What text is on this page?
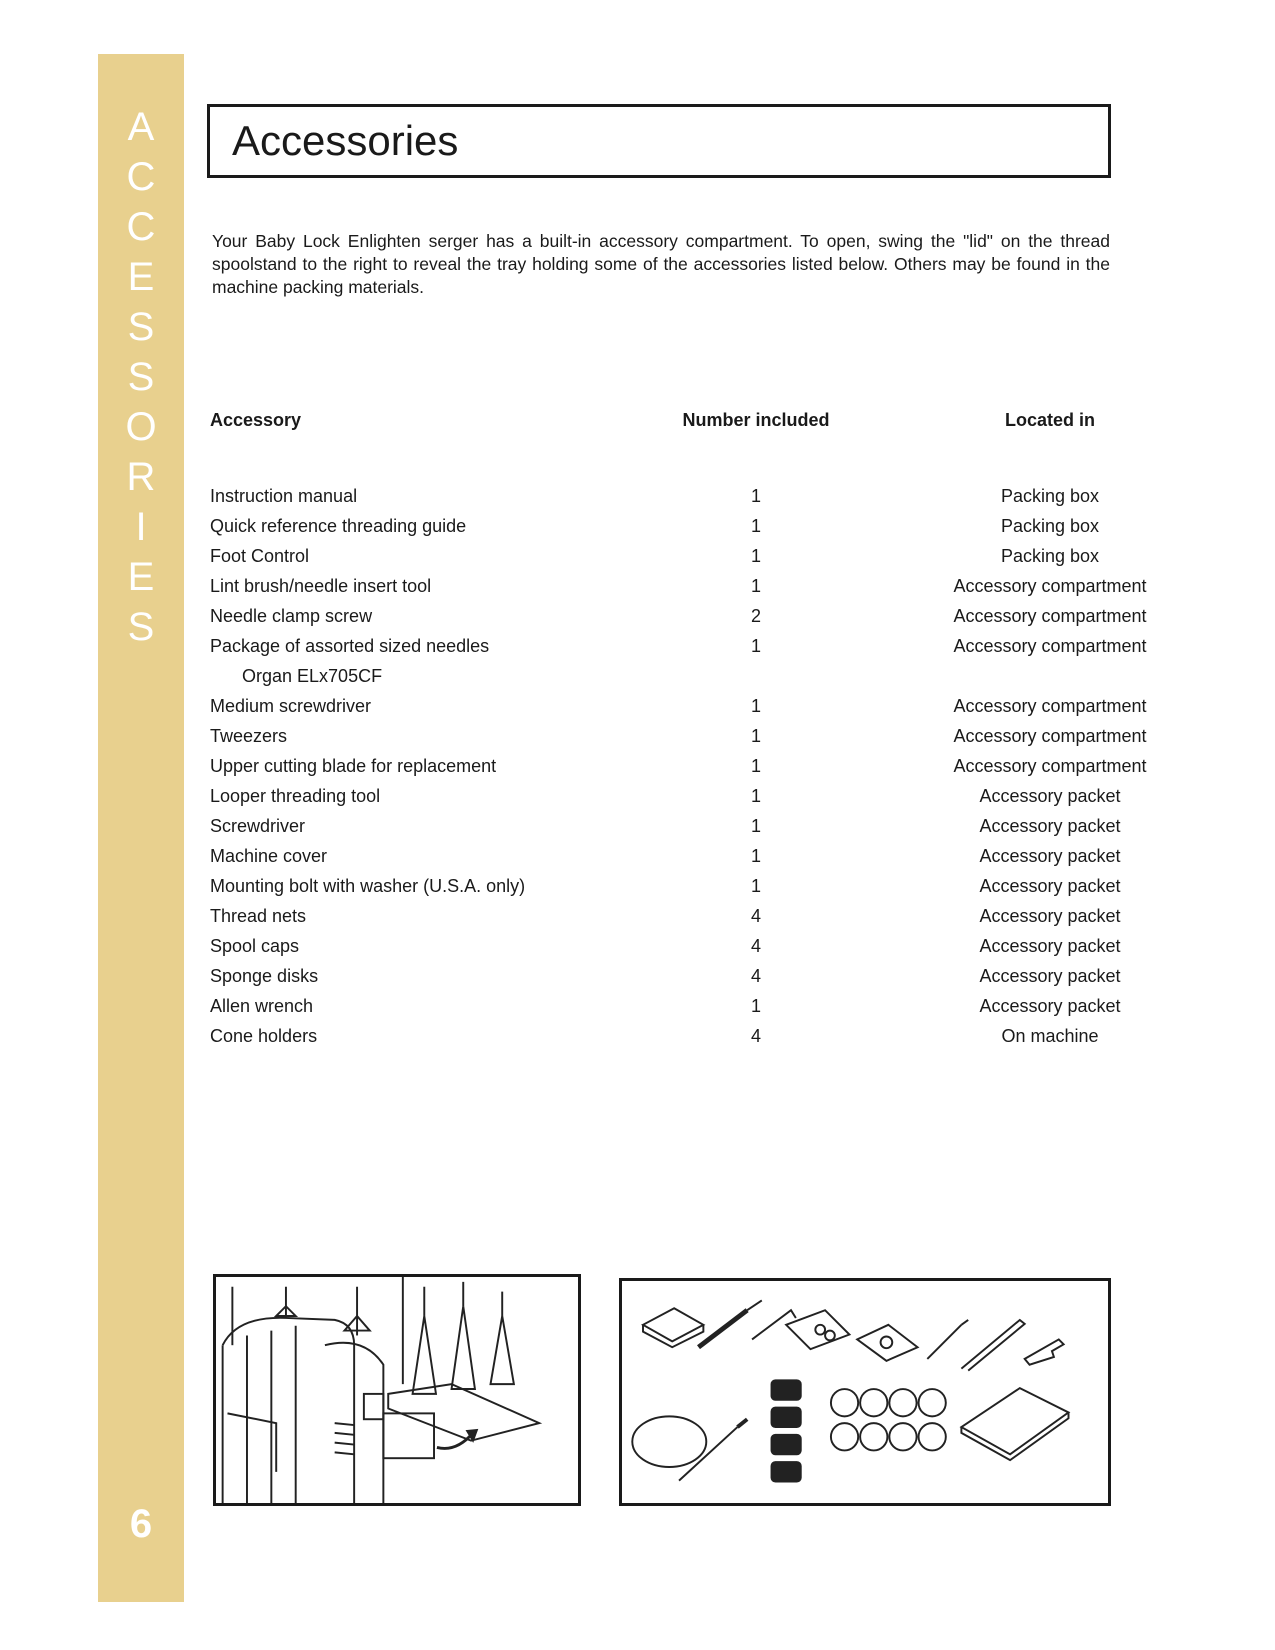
A
C
C
E
S
S
O
R
I
E
S
6
Accessories

Your Baby Lock Enlighten serger has a built-in accessory compartment. To open, swing the "lid" on the thread spoolstand to the right to reveal the tray holding some of the accessories listed below. Others may be found in the machine packing materials.

Accessory	Number included	Located in
Instruction manual	1	Packing box
Quick reference threading guide	1	Packing box
Foot Control	1	Packing box
Lint brush/needle insert tool	1	Accessory compartment
Needle clamp screw	2	Accessory compartment
Package of assorted sized needles	1	Accessory compartment
Organ ELx705CF
Medium screwdriver	1	Accessory compartment
Tweezers	1	Accessory compartment
Upper cutting blade for replacement	1	Accessory compartment
Looper threading tool	1	Accessory packet
Screwdriver	1	Accessory packet
Machine cover	1	Accessory packet
Mounting bolt with washer (U.S.A. only)	1	Accessory packet
Thread nets	4	Accessory packet
Spool caps	4	Accessory packet
Sponge disks	4	Accessory packet
Allen wrench	1	Accessory packet
Cone holders	4	On machine
